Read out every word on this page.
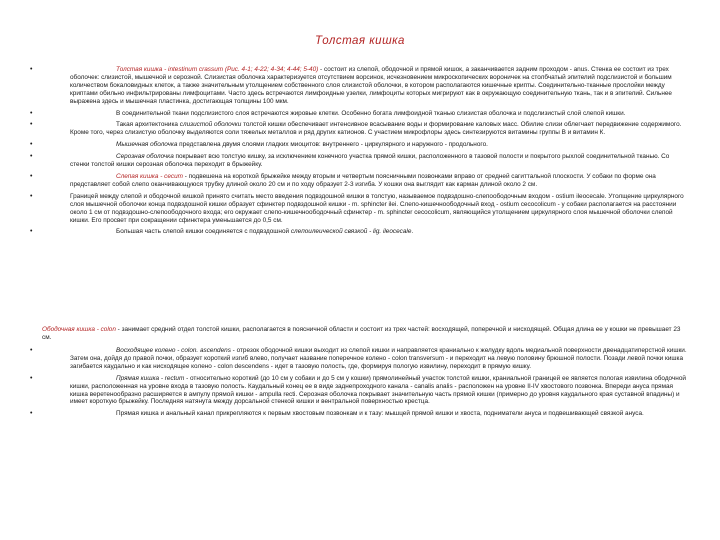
Толстая кишка
•	Толстая кишка - intestinum crassum (Рис. 4-1; 4-22; 4-34; 4-44; 5-40) - состоит из слепой, ободочной и прямой кишок, а заканчивается задним проходом - anus. Стенка ее состоит из трех оболочек: слизистой, мышечной и серозной. Слизистая оболочка характеризуется отсутствием ворсинок, исчезновением микроскопических вороничек на столбчатый эпителий подслизистой и большим количеством бокаловидных клеток, а также значительным утолщением собственного слоя слизистой оболочки, в котором располагаются кишечные крипты. Соединительно-тканные прослойки между криптами обильно инфильтрированы лимфоцитами. Часто здесь встречаются лимфоидные узелки, лимфоциты которых мигрируют как в окружающую соединительную ткань, так и в эпителий. Сильнее выражена здесь и мышечная пластинка, достигающая толщины 100 мкм.
•	В соединительной ткани подслизистого слоя встречаются жировые клетки. Особенно богата лимфоидной тканью слизистая оболочка и подслизистый слой слепой кишки.
•	Такая архитектоника слизистой оболочки толстой кишки обеспечивает интенсивное всасывание воды и формирование каловых масс. Обилие слизи облегчает передвижение содержимого. Кроме того, через слизистую оболочку выделяются соли тяжелых металлов и ряд других катионов. С участием микрофлоры здесь синтезируются витамины группы В и витамин К.
•	Мышечная оболочка представлена двумя слоями гладких миоцитов: внутреннего - циркулярного и наружного - продольного.
•	Серозная оболочка покрывает всю толстую кишку, за исключением конечного участка прямой кишки, расположенного в тазовой полости и покрытого рыхлой соединительной тканью. Со стенки толстой кишки серозная оболочка переходит в брыжейку.
•	Слепая кишка - cecum - подвешена на короткой брыжейке между вторым и четвертым поясничными позвонками вправо от средней сагиттальной плоскости. У собаки по форме она представляет собой слепо оканчивающуюся трубку длиной около 20 см и по ходу образует 2-3 изгиба. У кошки она выглядит как карман длиной около 2 см.
•	Границей между слепой и ободочной кишкой принято считать место введения подвздошной кишки в толстую, называемое подвздошно-слепоободочным входом - ostium ileocecale. Утолщение циркулярного слоя мышечной оболочки конца подвздошной кишки образует сфинктер подвздошной кишки - m. sphincter ilei. Слепо-кишечноободочный вход - ostium cecocolicum - у собаки располагается на расстоянии около 1 см от подвздошно-слепоободочного входа; его окружает слепо-кишечноободочный сфинктер - m. sphincter cecocolicum, являющийся утолщением циркулярного слоя мышечной оболочки слепой кишки. Его просвет при сокращении сфинктера уменьшается до 0,5 см.
•	Большая часть слепой кишки соединяется с подвздошной слепоилеической связкой - lig. ileocecale.
Ободочная кишка - colon - занимает средний отдел толстой кишки, располагается в поясничной области и состоит из трех частей: восходящей, поперечной и нисходящей. Общая длина ее у кошки не превышает 23 см.
•	Восходящее колено - colon. ascendens - отрезок ободочной кишки выходит из слепой кишки и направляется краниально к желудку вдоль медиальной поверхности двенадцатиперстной кишки. Затем она, дойдя до правой почки, образует короткий изгиб влево, получает название поперечное колено - colon transversum - и переходит на левую половину брюшной полости. Позади левой почки кишка загибается каудально и как нисходящее колено - colon descendens - идет в тазовую полость, где, формируя пологую извилину, переходит в прямую кишку.
•	Прямая кишка - rectum - относительно короткий (до 10 см у собаки и до 5 см у кошки) прямолинейный участок толстой кишки, краниальной границей ее является пологая извилина ободочной кишки, расположенная на уровне входа в тазовую полость. Каудальный конец ее в виде заднепроходного канала - canalis analis - расположен на уровне II-IV хвостового позвонка. Впереди ануса прямая кишка веретенообразно расширяется в ампулу прямой кишки - ampulla recti. Серозная оболочка покрывает значительную часть прямой кишки (примерно до уровня каудального края суставной впадины) и имеет короткую брыжейку. Последняя натянута между дорсальной стенкой кишки и вентральной поверхностью крестца.
•	Прямая кишка и анальный канал прикрепляются к первым хвостовым позвонкам и к тазу: мышцей прямой кишки и хвоста, подниматели ануса и подвешивающей связкой ануса.
